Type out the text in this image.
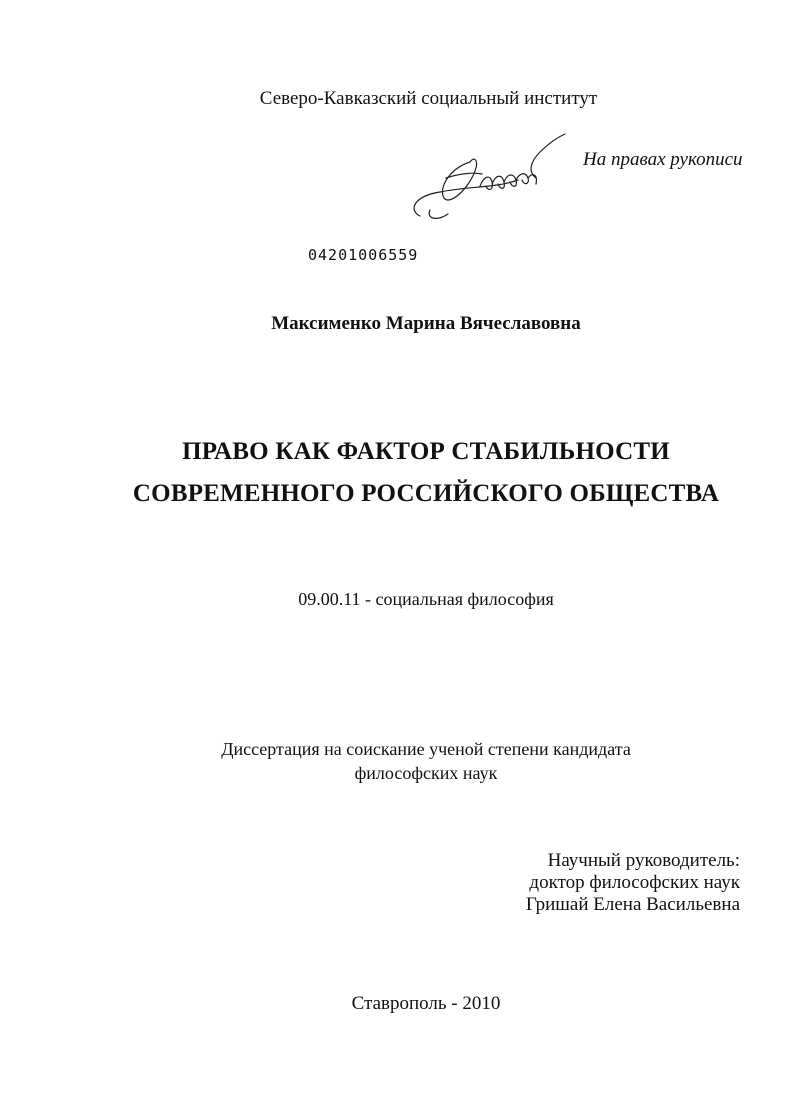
Северо-Кавказский социальный институт
На правах рукописи
04201006559
Максименко Марина Вячеславовна
ПРАВО КАК ФАКТОР СТАБИЛЬНОСТИ
СОВРЕМЕННОГО РОССИЙСКОГО ОБЩЕСТВА
09.00.11 - социальная философия
Диссертация на соискание ученой степени кандидата
философских наук
Научный руководитель:
доктор философских наук
Гришай Елена Васильевна
Ставрополь - 2010
